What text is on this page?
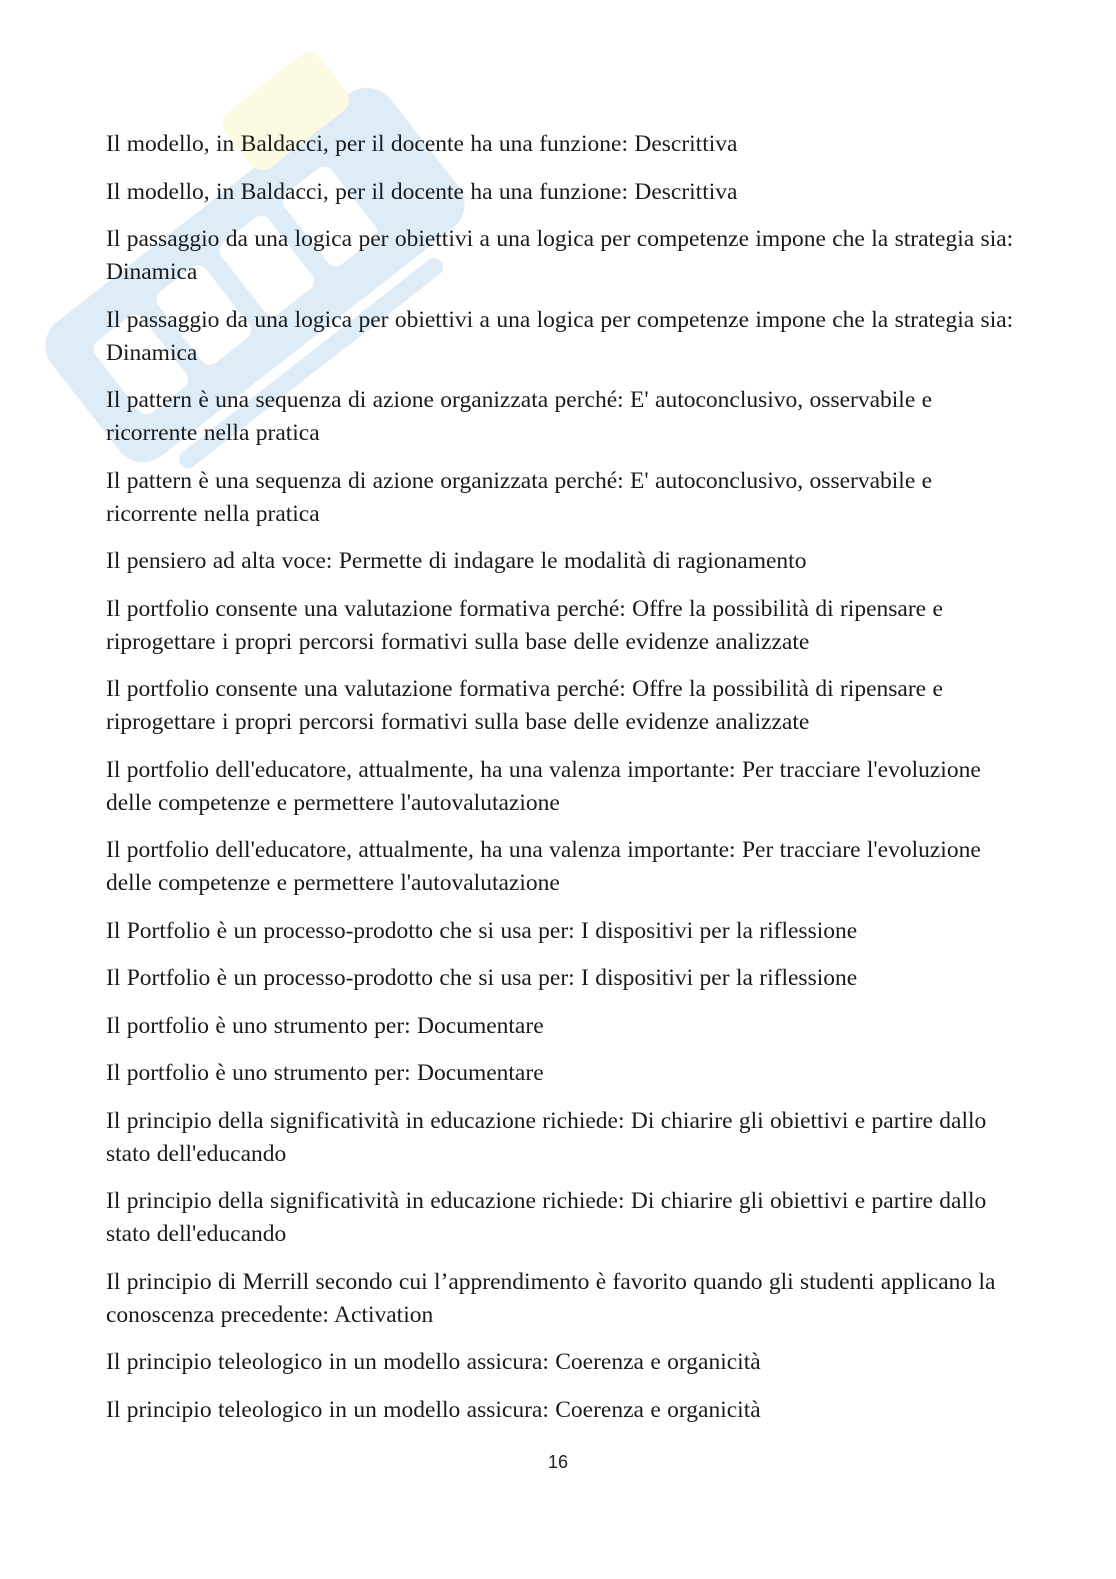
Il modello, in Baldacci, per il docente ha una funzione: Descrittiva

Il modello, in Baldacci, per il docente ha una funzione: Descrittiva

Il passaggio da una logica per obiettivi a una logica per competenze impone che la strategia sia: Dinamica

Il passaggio da una logica per obiettivi a una logica per competenze impone che la strategia sia: Dinamica

Il pattern è una sequenza di azione organizzata perché: E' autoconclusivo, osservabile e ricorrente nella pratica

Il pattern è una sequenza di azione organizzata perché: E' autoconclusivo, osservabile e ricorrente nella pratica

Il pensiero ad alta voce: Permette di indagare le modalità di ragionamento

Il portfolio consente una valutazione formativa perché: Offre la possibilità di ripensare e riprogettare i propri percorsi formativi sulla base delle evidenze analizzate

Il portfolio consente una valutazione formativa perché: Offre la possibilità di ripensare e riprogettare i propri percorsi formativi sulla base delle evidenze analizzate

Il portfolio dell'educatore, attualmente, ha una valenza importante: Per tracciare l'evoluzione delle competenze e permettere l'autovalutazione

Il portfolio dell'educatore, attualmente, ha una valenza importante: Per tracciare l'evoluzione delle competenze e permettere l'autovalutazione

Il Portfolio è un processo-prodotto che si usa per: I dispositivi per la riflessione

Il Portfolio è un processo-prodotto che si usa per: I dispositivi per la riflessione

Il portfolio è uno strumento per: Documentare

Il portfolio è uno strumento per: Documentare

Il principio della significatività in educazione richiede: Di chiarire gli obiettivi e partire dallo stato dell'educando

Il principio della significatività in educazione richiede: Di chiarire gli obiettivi e partire dallo stato dell'educando

Il principio di Merrill secondo cui l’apprendimento è favorito quando gli studenti applicano la conoscenza precedente: Activation

Il principio teleologico in un modello assicura: Coerenza e organicità

Il principio teleologico in un modello assicura: Coerenza e organicità

16
